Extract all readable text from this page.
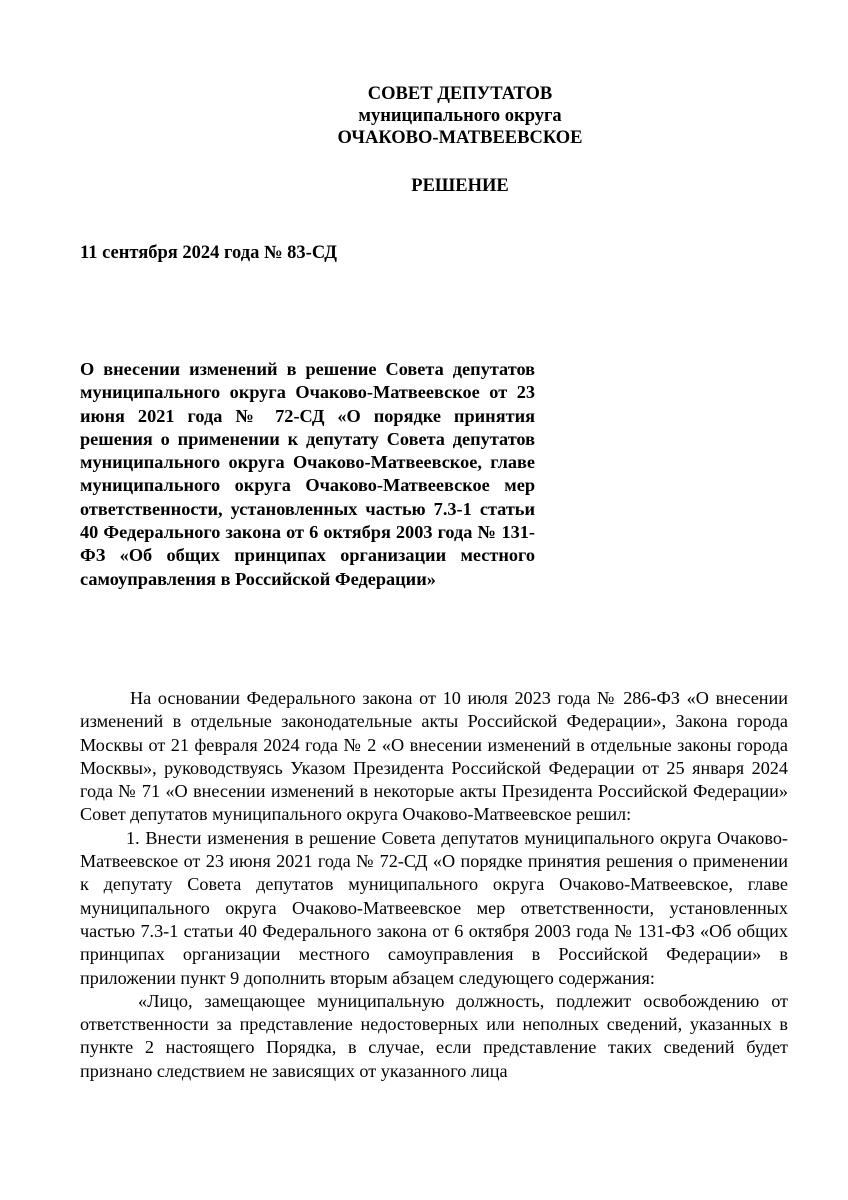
СОВЕТ ДЕПУТАТОВ
муниципального округа
ОЧАКОВО-МАТВЕЕВСКОЕ
РЕШЕНИЕ
11 сентября 2024 года № 83-СД
О внесении изменений в решение Совета депутатов муниципального округа Очаково-Матвеевское от 23 июня 2021 года № 72-СД «О порядке принятия решения о применении к депутату Совета депутатов муниципального округа Очаково-Матвеевское, главе муниципального округа Очаково-Матвеевское мер ответственности, установленных частью 7.3-1 статьи 40 Федерального закона от 6 октября 2003 года № 131-ФЗ «Об общих принципах организации местного самоуправления в Российской Федерации»

На основании Федерального закона от 10 июля 2023 года № 286-ФЗ «О внесении изменений в отдельные законодательные акты Российской Федерации», Закона города Москвы от 21 февраля 2024 года № 2 «О внесении изменений в отдельные законы города Москвы», руководствуясь Указом Президента Российской Федерации от 25 января 2024 года № 71 «О внесении изменений в некоторые акты Президента Российской Федерации» Совет депутатов муниципального округа Очаково-Матвеевское решил:

1. Внести изменения в решение Совета депутатов муниципального округа Очаково-Матвеевское от 23 июня 2021 года № 72-СД «О порядке принятия решения о применении к депутату Совета депутатов муниципального округа Очаково-Матвеевское, главе муниципального округа Очаково-Матвеевское мер ответственности, установленных частью 7.3-1 статьи 40 Федерального закона от 6 октября 2003 года № 131-ФЗ «Об общих принципах организации местного самоуправления в Российской Федерации» в приложении пункт 9 дополнить вторым абзацем следующего содержания:

«Лицо, замещающее муниципальную должность, подлежит освобождению от ответственности за представление недостоверных или неполных сведений, указанных в пункте 2 настоящего Порядка, в случае, если представление таких сведений будет признано следствием не зависящих от указанного лица
